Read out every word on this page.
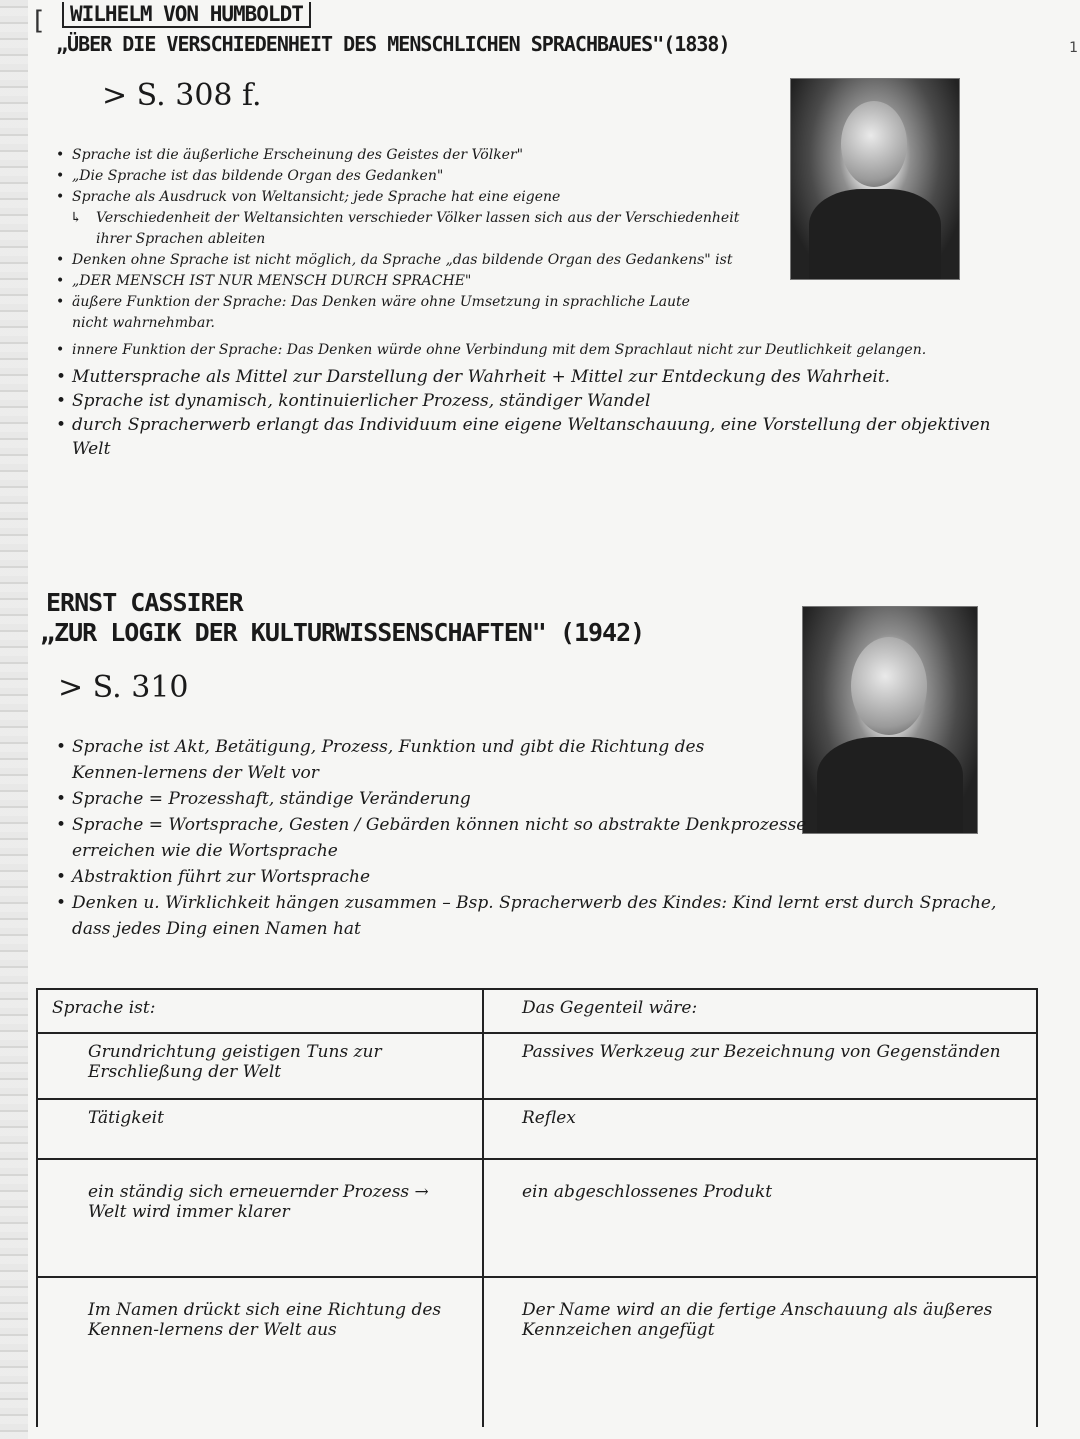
1
[	WILHELM VON HUMBOLDT
„ÜBER DIE VERSCHIEDENHEIT DES MENSCHLICHEN SPRACHBAUES"(1838)
> S. 308 f.
• Sprache ist die äußerliche Erscheinung des Geistes der Völker"
• „Die Sprache ist das bildende Organ des Gedanken"
• Sprache als Ausdruck von Weltansicht; jede Sprache hat eine eigene
↳ Verschiedenheit der Weltansichten verschieder Völker lassen sich aus der Verschiedenheit ihrer Sprachen ableiten
• Denken ohne Sprache ist nicht möglich, da Sprache „das bildende Organ des Gedankens" ist
• „DER MENSCH IST NUR MENSCH DURCH SPRACHE"
• äußere Funktion der Sprache: Das Denken wäre ohne Umsetzung in sprachliche Laute nicht wahrnehmbar.
• innere Funktion der Sprache: Das Denken würde ohne Verbindung mit dem Sprachlaut nicht zur Deutlichkeit gelangen.
• Muttersprache als Mittel zur Darstellung der Wahrheit + Mittel zur Entdeckung des Wahrheit.
• Sprache ist dynamisch, kontinuierlicher Prozess, ständiger Wandel
• durch Spracherwerb erlangt das Individuum eine eigene Weltanschauung, eine Vorstellung der objektiven Welt
ERNST CASSIRER
„ZUR LOGIK DER KULTURWISSENSCHAFTEN" (1942)
> S. 310
• Sprache ist Akt, Betätigung, Prozess, Funktion und gibt die Richtung des Kennen-lernens der Welt vor
• Sprache = Prozesshaft, ständige Veränderung
• Sprache = Wortsprache, Gesten / Gebärden können nicht so abstrakte Denkprozesse erreichen wie die Wortsprache
• Abstraktion führt zur Wortsprache
• Denken u. Wirklichkeit hängen zusammen – Bsp. Spracherwerb des Kindes: Kind lernt erst durch Sprache, dass jedes Ding einen Namen hat
Sprache ist:	Das Gegenteil wäre:
Grundrichtung geistigen Tuns zur Erschließung der Welt	Passives Werkzeug zur Bezeichnung von Gegenständen
Tätigkeit	Reflex
ein ständig sich erneuernder Prozess → Welt wird immer klarer	ein abgeschlossenes Produkt
Im Namen drückt sich eine Richtung des Kennen-lernens der Welt aus	Der Name wird an die fertige Anschauung als äußeres Kennzeichen angefügt
